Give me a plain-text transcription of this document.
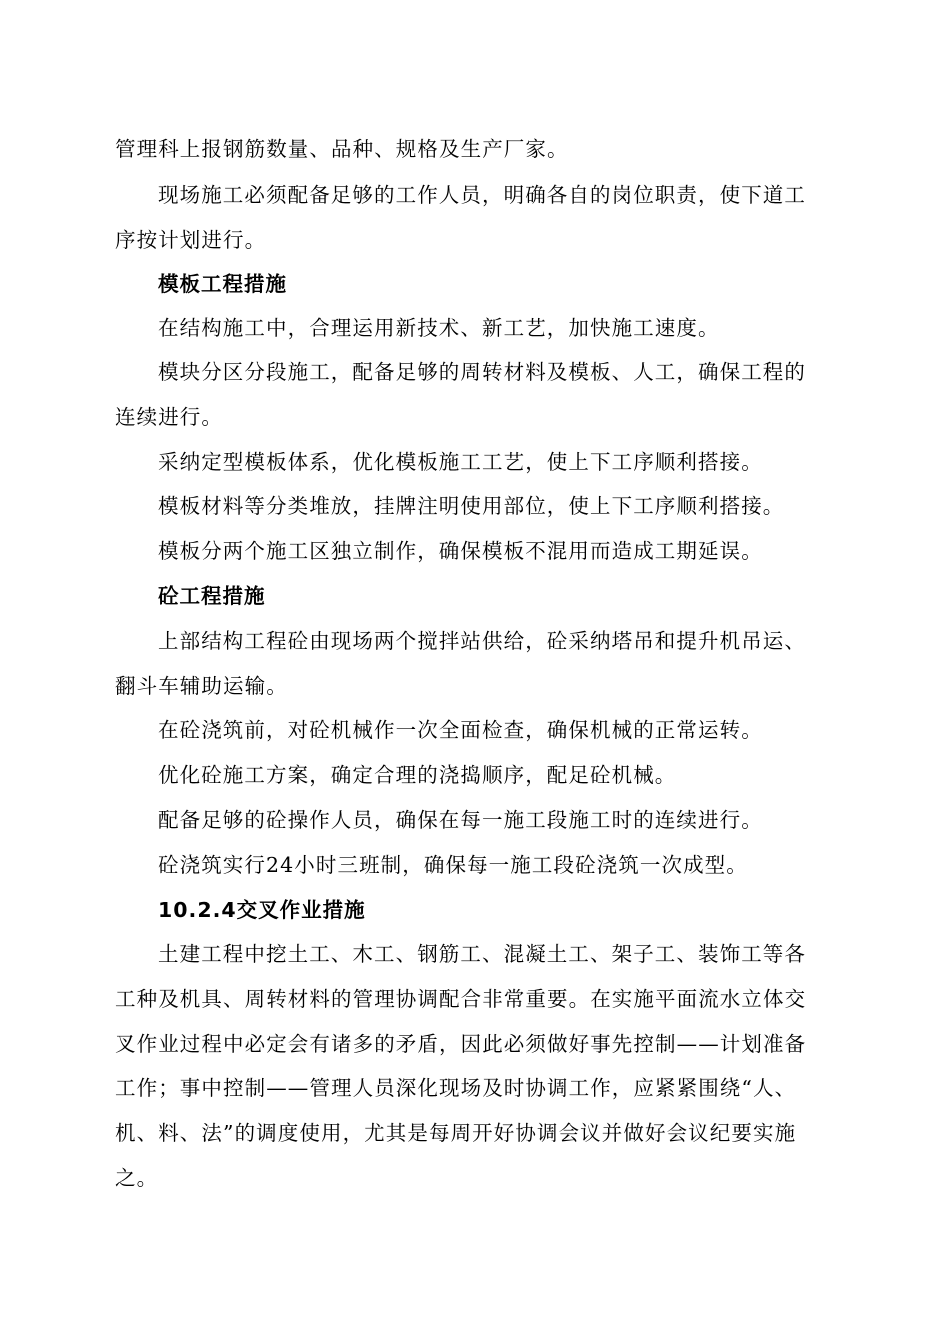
管理科上报钢筋数量、品种、规格及生产厂家。
现场施工必须配备足够的工作人员，明确各自的岗位职责，使下道工
序按计划进行。
模板工程措施
在结构施工中，合理运用新技术、新工艺，加快施工速度。
模块分区分段施工，配备足够的周转材料及模板、人工，确保工程的
连续进行。
采纳定型模板体系，优化模板施工工艺，使上下工序顺利搭接。
模板材料等分类堆放，挂牌注明使用部位，使上下工序顺利搭接。
模板分两个施工区独立制作，确保模板不混用而造成工期延误。
砼工程措施
上部结构工程砼由现场两个搅拌站供给，砼采纳塔吊和提升机吊运、
翻斗车辅助运输。
在砼浇筑前，对砼机械作一次全面检查，确保机械的正常运转。
优化砼施工方案，确定合理的浇捣顺序，配足砼机械。
配备足够的砼操作人员，确保在每一施工段施工时的连续进行。
砼浇筑实行24小时三班制，确保每一施工段砼浇筑一次成型。
10.2.4交叉作业措施
土建工程中挖土工、木工、钢筋工、混凝土工、架子工、装饰工等各
工种及机具、周转材料的管理协调配合非常重要。在实施平面流水立体交
叉作业过程中必定会有诸多的矛盾，因此必须做好事先控制——计划准备
工作；事中控制——管理人员深化现场及时协调工作，应紧紧围绕“人、
机、料、法”的调度使用，尤其是每周开好协调会议并做好会议纪要实施
之。
